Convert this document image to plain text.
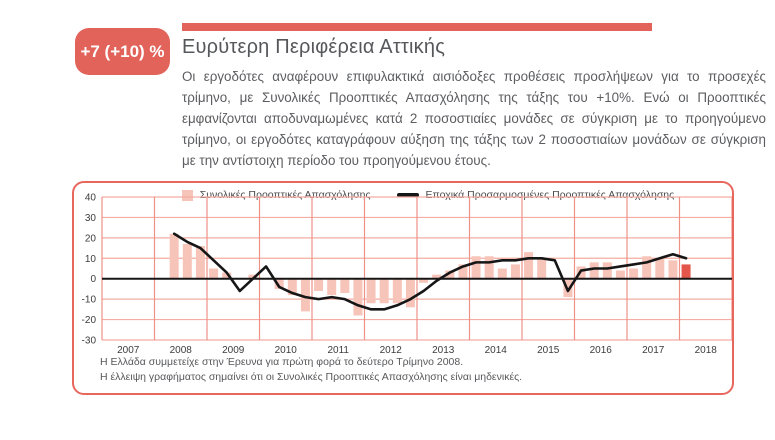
+7 (+10) % Ευρύτερη Περιφέρεια Αττικής
Οι εργοδότες αναφέρουν επιφυλακτικά αισιόδοξες προθέσεις προσλήψεων για το προσεχές τρίμηνο, με Συνολικές Προοπτικές Απασχόλησης της τάξης του +10%. Ενώ οι Προοπτικές εμφανίζονται αποδυναμωμένες κατά 2 ποσοστιαίες μονάδες σε σύγκριση με το προηγούμενο τρίμηνο, οι εργοδότες καταγράφουν αύξηση της τάξης των 2 ποσοστιαίων μονάδων σε σύγκριση με την αντίστοιχη περίοδο του προηγούμενου έτους.
Συνολικές Προοπτικές Απασχόλησης	Εποχικά Προσαρμοσμένες Προοπτικές Απασχόλησης
40
30
20
10
0
-10
-20
-30
2007	2008	2009	2010	2011	2012	2013	2014	2015	2016	2017	2018
Η Ελλάδα συμμετείχε στην Έρευνα για πρώτη φορά το δεύτερο Τρίμηνο 2008.
Η έλλειψη γραφήματος σημαίνει ότι οι Συνολικές Προοπτικές Απασχόλησης είναι μηδενικές.
